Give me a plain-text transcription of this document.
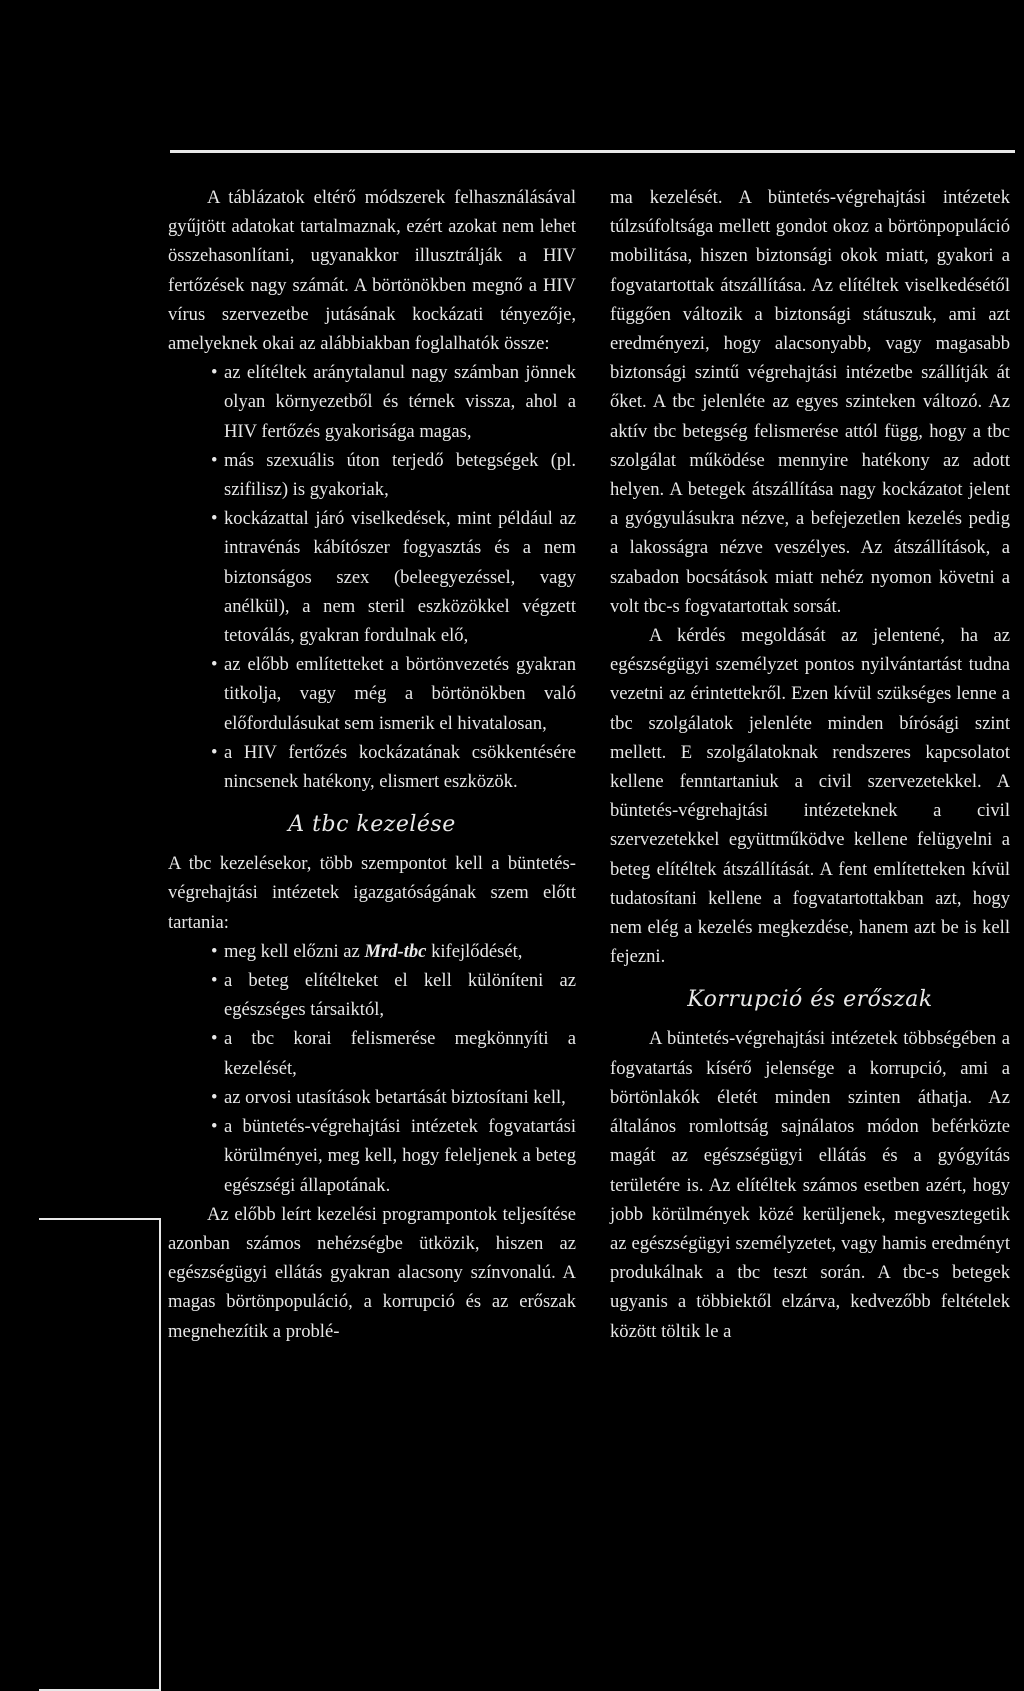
A táblázatok eltérő módszerek felhasználásával gyűjtött adatokat tartalmaznak, ezért azokat nem lehet összehasonlítani, ugyanakkor illusztrálják a HIV fertőzések nagy számát. A börtönökben megnő a HIV vírus szervezetbe jutásának kockázati tényezője, amelyeknek okai az alábbiakban foglalhatók össze:

• az elítéltek aránytalanul nagy számban jönnek olyan környezetből és térnek vissza, ahol a HIV fertőzés gyakorisága magas,
• más szexuális úton terjedő betegségek (pl. szifilisz) is gyakoriak,
• kockázattal járó viselkedések, mint például az intravénás kábítószer fogyasztás és a nem biztonságos szex (beleegyezéssel, vagy anélkül), a nem steril eszközökkel végzett tetoválás, gyakran fordulnak elő,
• az előbb említetteket a börtönvezetés gyakran titkolja, vagy még a börtönökben való előfordulásukat sem ismerik el hivatalosan,
• a HIV fertőzés kockázatának csökkentésére nincsenek hatékony, elismert eszközök.
A tbc kezelése

A tbc kezelésekor, több szempontot kell a büntetés-végrehajtási intézetek igazgatóságának szem előtt tartania:

• meg kell előzni az Mrd-tbc kifejlődését,
• a beteg elítélteket el kell különíteni az egészséges társaiktól,
• a tbc korai felismerése megkönnyíti a kezelését,
• az orvosi utasítások betartását biztosítani kell,
• a büntetés-végrehajtási intézetek fogvatartási körülményei, meg kell, hogy feleljenek a beteg egészségi állapotának.

Az előbb leírt kezelési programpontok teljesítése azonban számos nehézségbe ütközik, hiszen az egészségügyi ellátás gyakran alacsony színvonalú. A magas börtönpopuláció, a korrupció és az erőszak megnehezítik a problé-

ma kezelését. A büntetés-végrehajtási intézetek túlzsúfoltsága mellett gondot okoz a börtönpopuláció mobilitása, hiszen biztonsági okok miatt, gyakori a fogvatartottak átszállítása. Az elítéltek viselkedésétől függően változik a biztonsági státuszuk, ami azt eredményezi, hogy alacsonyabb, vagy magasabb biztonsági szintű végrehajtási intézetbe szállítják át őket. A tbc jelenléte az egyes szinteken változó. Az aktív tbc betegség felismerése attól függ, hogy a tbc szolgálat működése mennyire hatékony az adott helyen. A betegek átszállítása nagy kockázatot jelent a gyógyulásukra nézve, a befejezetlen kezelés pedig a lakosságra nézve veszélyes. Az átszállítások, a szabadon bocsátások miatt nehéz nyomon követni a volt tbc-s fogvatartottak sorsát.

A kérdés megoldását az jelentené, ha az egészségügyi személyzet pontos nyilvántartást tudna vezetni az érintettekről. Ezen kívül szükséges lenne a tbc szolgálatok jelenléte minden bírósági szint mellett. E szolgálatoknak rendszeres kapcsolatot kellene fenntartaniuk a civil szervezetekkel. A büntetés-végrehajtási intézeteknek a civil szervezetekkel együttműködve kellene felügyelni a beteg elítéltek átszállítását. A fent említetteken kívül tudatosítani kellene a fogvatartottakban azt, hogy nem elég a kezelés megkezdése, hanem azt be is kell fejezni.

Korrupció és erőszak

A büntetés-végrehajtási intézetek többségében a fogvatartás kísérő jelensége a korrupció, ami a börtönlakók életét minden szinten áthatja. Az általános romlottság sajnálatos módon beférközte magát az egészségügyi ellátás és a gyógyítás területére is. Az elítéltek számos esetben azért, hogy jobb körülmények közé kerüljenek, megvesztegetik az egészségügyi személyzetet, vagy hamis eredményt produkálnak a tbc teszt során. A tbc-s betegek ugyanis a többiektől elzárva, kedvezőbb feltételek között töltik le a
